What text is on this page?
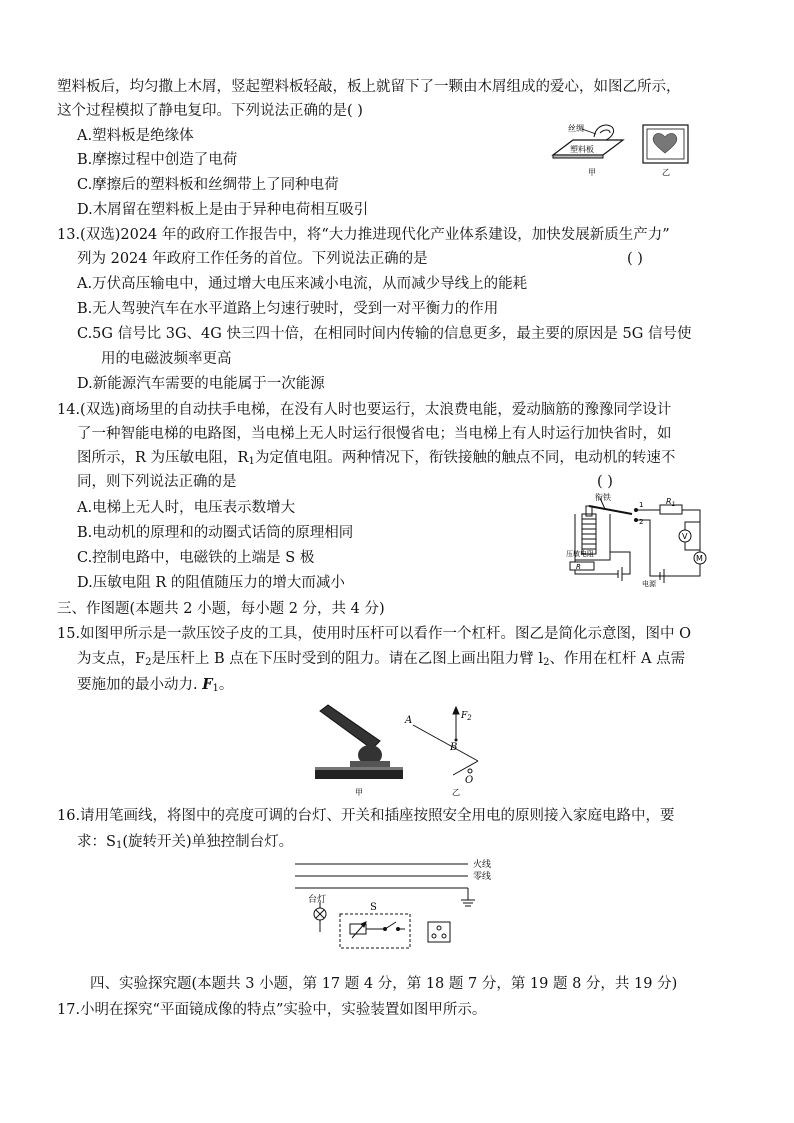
塑料板后，均匀撒上木屑，竖起塑料板轻敲，板上就留下了一颗由木屑组成的爱心，如图乙所示，
这个过程模拟了静电复印。下列说法正确的是( )
A.塑料板是绝缘体
B.摩擦过程中创造了电荷
C.摩擦后的塑料板和丝绸带上了同种电荷
D.木屑留在塑料板上是由于异种电荷相互吸引
丝绸
塑料板
甲	乙
13.(双选)2024 年的政府工作报告中，将“大力推进现代化产业体系建设，加快发展新质生产力”
列为 2024 年政府工作任务的首位。下列说法正确的是	( )
A.万伏高压输电中，通过增大电压来减小电流，从而减少导线上的能耗
B.无人驾驶汽车在水平道路上匀速行驶时，受到一对平衡力的作用
C.5G 信号比 3G、4G 快三四十倍，在相同时间内传输的信息更多，最主要的原因是 5G 信号使
用的电磁波频率更高
D.新能源汽车需要的电能属于一次能源
14.(双选)商场里的自动扶手电梯，在没有人时也要运行，太浪费电能，爱动脑筋的豫豫同学设计
了一种智能电梯的电路图，当电梯上无人时运行很慢省电；当电梯上有人时运行加快省时，如
图所示，R 为压敏电阻，$R_1$为定值电阻。两种情况下，衔铁接触的触点不同，电动机的转速不
同，则下列说法正确的是	( )
A.电梯上无人时，电压表示数增大
B.电动机的原理和的动圈式话筒的原理相同
C.控制电路中，电磁铁的上端是 S 极
D.压敏电阻 R 的阻值随压力的增大而减小
衔铁
压敏电阻
R
$R_1$
V
M
电源
1
2
三、作图题(本题共 2 小题，每小题 2 分，共 4 分)
15.如图甲所示是一款压饺子皮的工具，使用时压杆可以看作一个杠杆。图乙是简化示意图，图中 O
为支点，$F_2$是压杆上 B 点在下压时受到的阻力。请在乙图上画出阻力臂 $l_2$、作用在杠杆 A 点需
要施加的最小动力. $F_1$。
甲
A
B
O
$F_2$
乙
16.请用笔画线，将图中的亮度可调的台灯、开关和插座按照安全用电的原则接入家庭电路中，要
求：$S_1$(旋转开关)单独控制台灯。
火线
零线
台灯
S
四、实验探究题(本题共 3 小题，第 17 题 4 分，第 18 题 7 分，第 19 题 8 分，共 19 分)
17.小明在探究“平面镜成像的特点”实验中，实验装置如图甲所示。
